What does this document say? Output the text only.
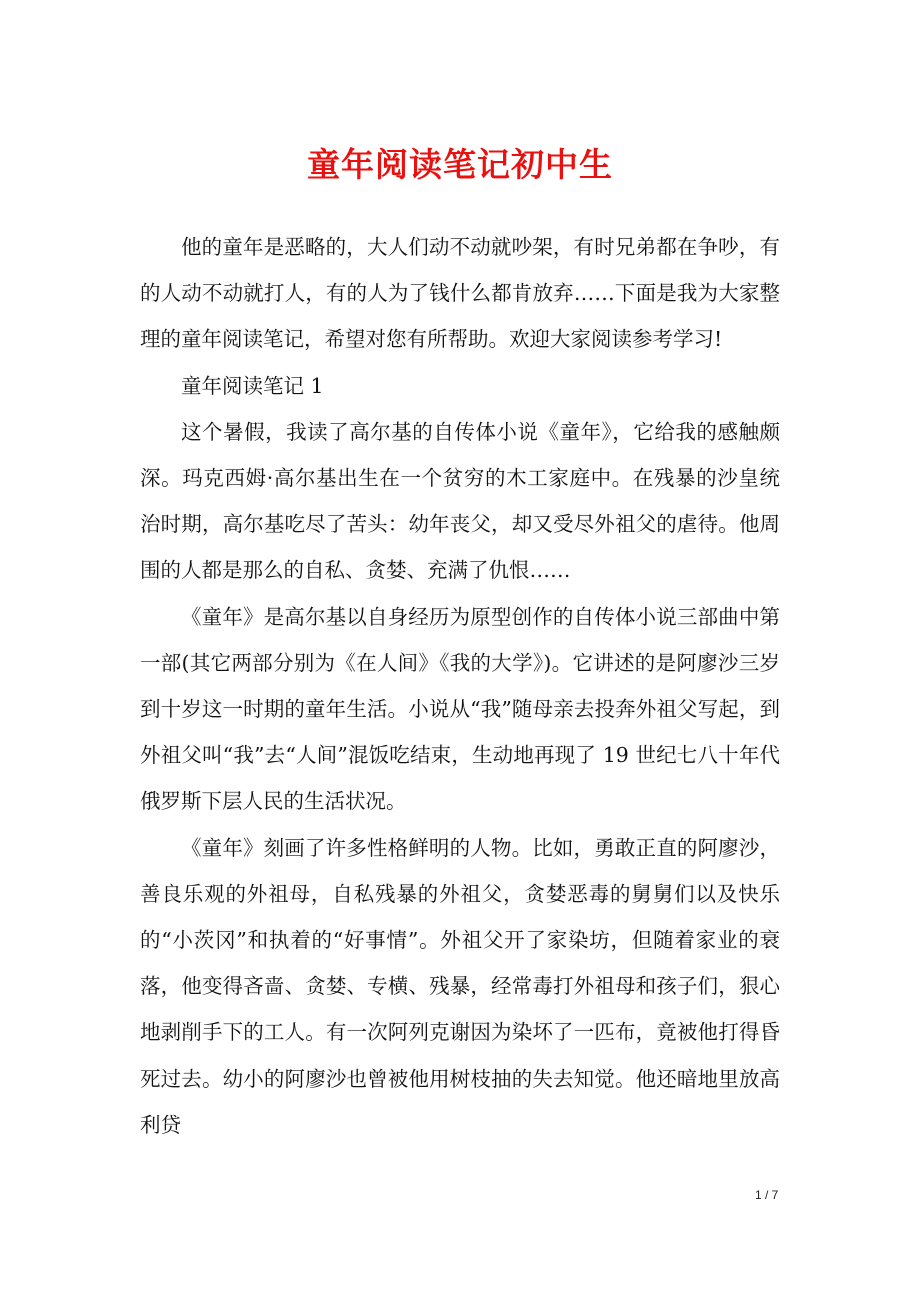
童年阅读笔记初中生

他的童年是恶略的，大人们动不动就吵架，有时兄弟都在争吵，有的人动不动就打人，有的人为了钱什么都肯放弃……下面是我为大家整理的童年阅读笔记，希望对您有所帮助。欢迎大家阅读参考学习!

童年阅读笔记 1

这个暑假，我读了高尔基的自传体小说《童年》，它给我的感触颇深。玛克西姆·高尔基出生在一个贫穷的木工家庭中。在残暴的沙皇统治时期，高尔基吃尽了苦头：幼年丧父，却又受尽外祖父的虐待。他周围的人都是那么的自私、贪婪、充满了仇恨……

《童年》是高尔基以自身经历为原型创作的自传体小说三部曲中第一部(其它两部分别为《在人间》《我的大学》)。它讲述的是阿廖沙三岁到十岁这一时期的童年生活。小说从“我”随母亲去投奔外祖父写起，到外祖父叫“我”去“人间”混饭吃结束，生动地再现了 19 世纪七八十年代俄罗斯下层人民的生活状况。

《童年》刻画了许多性格鲜明的人物。比如，勇敢正直的阿廖沙，善良乐观的外祖母，自私残暴的外祖父，贪婪恶毒的舅舅们以及快乐的“小茨冈”和执着的“好事情”。外祖父开了家染坊，但随着家业的衰落，他变得吝啬、贪婪、专横、残暴，经常毒打外祖母和孩子们，狠心地剥削手下的工人。有一次阿列克谢因为染坏了一匹布，竟被他打得昏死过去。幼小的阿廖沙也曾被他用树枝抽的失去知觉。他还暗地里放高利贷

1 / 7
